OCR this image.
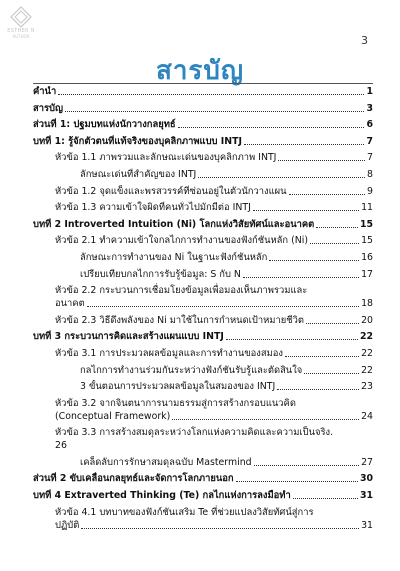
ESTHER N
AUTHOR	3
สารบัญ
คำนำ	1
สารบัญ	3
ส่วนที่ 1: ปฐมบทแห่งนักวางกลยุทธ์	6
บทที่ 1: รู้จักตัวตนที่แท้จริงของบุคลิกภาพแบบ INTJ	7
หัวข้อ 1.1 ภาพรวมและลักษณะเด่นของบุคลิกภาพ INTJ	7
ลักษณะเด่นที่สำคัญของ INTJ	8
หัวข้อ 1.2 จุดแข็งและพรสวรรค์ที่ซ่อนอยู่ในตัวนักวางแผน	9
หัวข้อ 1.3 ความเข้าใจผิดที่คนทั่วไปมักมีต่อ INTJ	11
บทที่ 2 Introverted Intuition (Ni) โลกแห่งวิสัยทัศน์และอนาคต	15
หัวข้อ 2.1 ทำความเข้าใจกลไกการทำงานของฟังก์ชันหลัก (Ni)	15
ลักษณะการทำงานของ Ni ในฐานะฟังก์ชันหลัก	16
เปรียบเทียบกลไกการรับรู้ข้อมูล: S กับ N	17
หัวข้อ 2.2 กระบวนการเชื่อมโยงข้อมูลเพื่อมองเห็นภาพรวมและ
อนาคต	18
หัวข้อ 2.3 วิธีดึงพลังของ Ni มาใช้ในการกำหนดเป้าหมายชีวิต	20
บทที่ 3 กระบวนการคิดและสร้างแผนแบบ INTJ	22
หัวข้อ 3.1 การประมวลผลข้อมูลและการทำงานของสมอง	22
กลไกการทำงานร่วมกันระหว่างฟังก์ชันรับรู้และตัดสินใจ	22
3 ขั้นตอนการประมวลผลข้อมูลในสมองของ INTJ	23
หัวข้อ 3.2 จากจินตนาการนามธรรมสู่การสร้างกรอบแนวคิด
(Conceptual Framework)	24
หัวข้อ 3.3 การสร้างสมดุลระหว่างโลกแห่งความคิดและความเป็นจริง.
26
เคล็ดลับการรักษาสมดุลฉบับ Mastermind	27
ส่วนที่ 2 ขับเคลื่อนกลยุทธ์และจัดการโลกภายนอก	30
บทที่ 4 Extraverted Thinking (Te) กลไกแห่งการลงมือทำ	31
หัวข้อ 4.1 บทบาทของฟังก์ชันเสริม Te ที่ช่วยแปลงวิสัยทัศน์สู่การ
ปฏิบัติ	31
